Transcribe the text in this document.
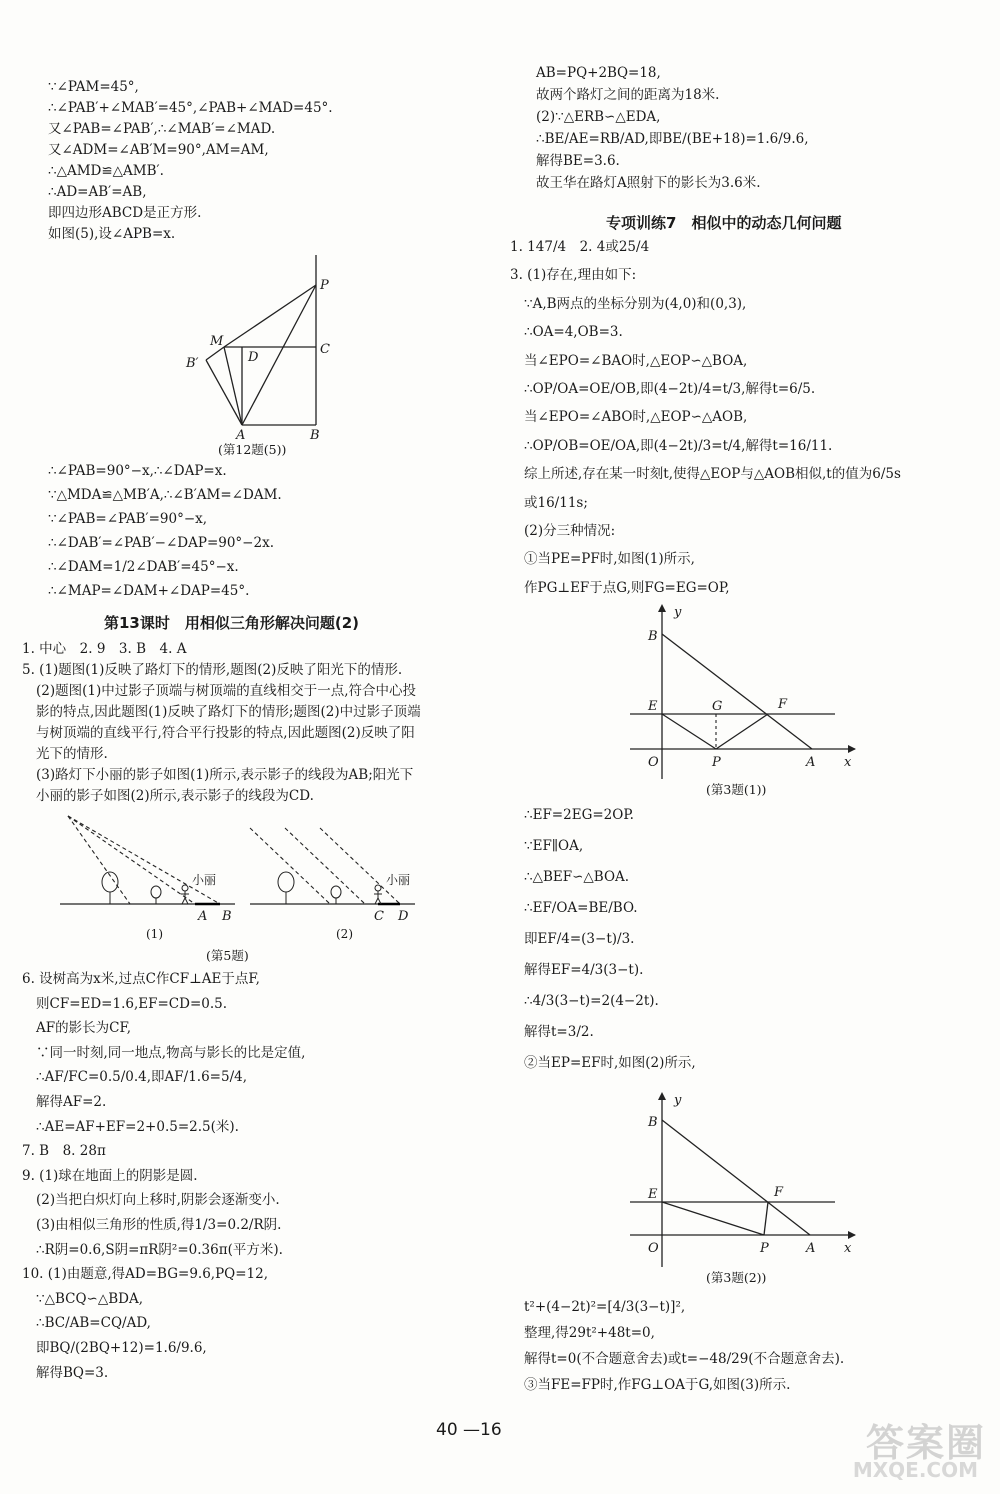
∵∠PAM=45°,
∴∠PAB′+∠MAB′=45°,∠PAB+∠MAD=45°.
又∠PAB=∠PAB′,∴∠MAB′=∠MAD.
又∠ADM=∠AB′M=90°,AM=AM,
∴△AMD≌△AMB′.
∴AD=AB′=AB,
即四边形ABCD是正方形.
如图(5),设∠APB=x.
P
M
B′	D
C
A	B
(第12题(5))
∴∠PAB=90°−x,∴∠DAP=x.
∵△MDA≌△MB′A,∴∠B′AM=∠DAM.
∵∠PAB=∠PAB′=90°−x,
∴∠DAB′=∠PAB′−∠DAP=90°−2x.
∴∠DAM=1/2∠DAB′=45°−x.
∴∠MAP=∠DAM+∠DAP=45°.
第13课时　用相似三角形解决问题(2)
1. 中心　2. 9　3. B　4. A
5. (1)题图(1)反映了路灯下的情形,题图(2)反映了阳光下的情形.
(2)题图(1)中过影子顶端与树顶端的直线相交于一点,符合中心投
影的特点,因此题图(1)反映了路灯下的情形;题图(2)中过影子顶端
与树顶端的直线平行,符合平行投影的特点,因此题图(2)反映了阳
光下的情形.
(3)路灯下小丽的影子如图(1)所示,表示影子的线段为AB;阳光下
小丽的影子如图(2)所示,表示影子的线段为CD.
小丽
A B
(1)
小丽
C D
(2)
(第5题)
6. 设树高为x米,过点C作CF⊥AE于点F,
则CF=ED=1.6,EF=CD=0.5.
AF的影长为CF,
∵同一时刻,同一地点,物高与影长的比是定值,
∴AF/FC=0.5/0.4,即AF/1.6=5/4,
解得AF=2.
∴AE=AF+EF=2+0.5=2.5(米).
7. B　8. 28π
9. (1)球在地面上的阴影是圆.
(2)当把白炽灯向上移时,阴影会逐渐变小.
(3)由相似三角形的性质,得1/3=0.2/R阴.
∴R阴=0.6,S阴=πR阴²=0.36π(平方米).
10. (1)由题意,得AD=BG=9.6,PQ=12,
∵△BCQ∽△BDA,
∴BC/AB=CQ/AD,
即BQ/(2BQ+12)=1.6/9.6,
解得BQ=3.
AB=PQ+2BQ=18,
故两个路灯之间的距离为18米.
(2)∵△ERB∽△EDA,
∴BE/AE=RB/AD,即BE/(BE+18)=1.6/9.6,
解得BE=3.6.
故王华在路灯A照射下的影长为3.6米.
专项训练7　相似中的动态几何问题
1. 147/4　2. 4或25/4
3. (1)存在,理由如下:
∵A,B两点的坐标分别为(4,0)和(0,3),
∴OA=4,OB=3.
当∠EPO=∠BAO时,△EOP∽△BOA,
∴OP/OA=OE/OB,即(4−2t)/4=t/3,解得t=6/5.
当∠EPO=∠ABO时,△EOP∽△AOB,
∴OP/OB=OE/OA,即(4−2t)/3=t/4,解得t=16/11.
综上所述,存在某一时刻t,使得△EOP与△AOB相似,t的值为6/5s
或16/11s;
(2)分三种情况:
①当PE=PF时,如图(1)所示,
作PG⊥EF于点G,则FG=EG=OP,
y
B
E	G	F
O	P	A x
(第3题(1))
∴EF=2EG=2OP.
∵EF∥OA,
∴△BEF∽△BOA.
∴EF/OA=BE/BO.
即EF/4=(3−t)/3.
解得EF=4/3(3−t).
∴4/3(3−t)=2(4−2t).
解得t=3/2.
②当EP=EF时,如图(2)所示,
y
B
E	F
O	P	A x
(第3题(2))
t²+(4−2t)²=[4/3(3−t)]²,
整理,得29t²+48t=0,
解得t=0(不合题意舍去)或t=−48/29(不合题意舍去).
③当FE=FP时,作FG⊥OA于G,如图(3)所示.
40 —16	答案圈
MXQE.COM
